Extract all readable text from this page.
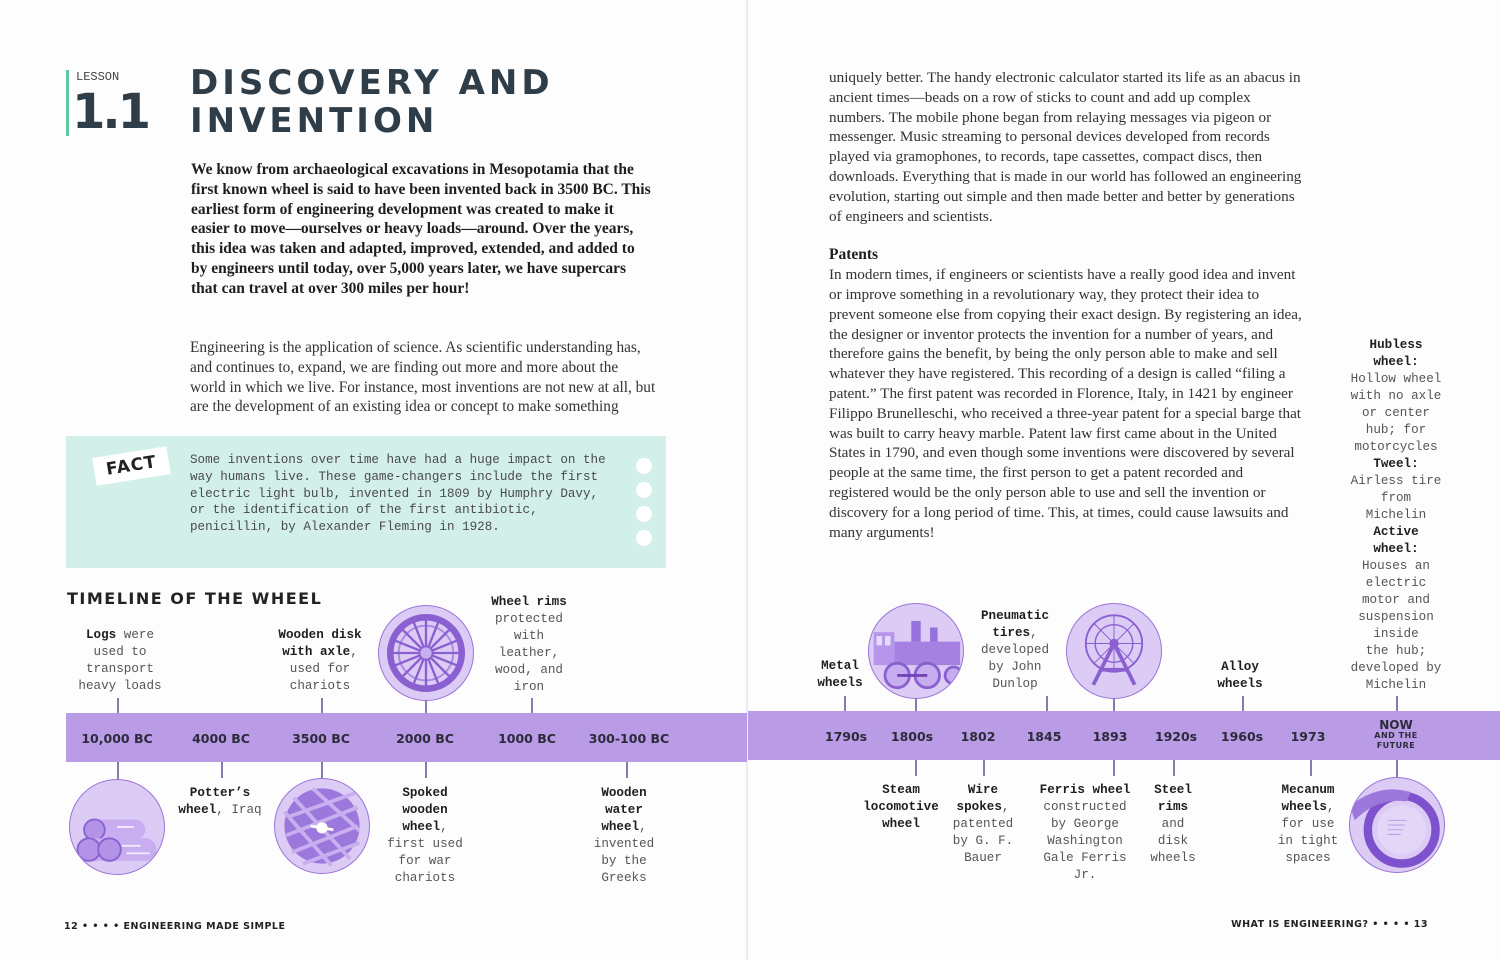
LESSON
1.1
DISCOVERY AND
INVENTION
We know from archaeological excavations in Mesopotamia that the first known wheel is said to have been invented back in 3500 BC. This earliest form of engineering development was created to make it easier to move—ourselves or heavy loads—around. Over the years, this idea was taken and adapted, improved, extended, and added to by engineers until today, over 5,000 years later, we have supercars that can travel at over 300 miles per hour!
Engineering is the application of science. As scientific understanding has, and continues to, expand, we are finding out more and more about the world in which we live. For instance, most inventions are not new at all, but are the development of an existing idea or concept to make something
FACT	Some inventions over time have had a huge impact on the way humans live. These game-changers include the first electric light bulb, invented in 1809 by Humphry Davy, or the identification of the first antibiotic, penicillin, by Alexander Fleming in 1928.
TIMELINE OF THE WHEEL

uniquely better. The handy electronic calculator started its life as an abacus in ancient times—beads on a row of sticks to count and add up complex numbers. The mobile phone began from relaying messages via pigeon or messenger. Music streaming to personal devices developed from records played via gramophones, to records, tape cassettes, compact discs, then downloads. Everything that is made in our world has followed an engineering evolution, starting out simple and then made better and better by generations of engineers and scientists.

Patents

In modern times, if engineers or scientists have a really good idea and invent or improve something in a revolutionary way, they protect their idea to prevent someone else from copying their exact design. By registering an idea, the designer or inventor protects the invention for a number of years, and therefore gains the benefit, by being the only person able to make and sell whatever they have registered. This recording of a design is called “filing a patent.” The first patent was recorded in Florence, Italy, in 1421 by engineer Filippo Brunelleschi, who received a three-year patent for a special barge that was built to carry heavy marble. Patent law first came about in the United States in 1790, and even though some inventions were discovered by several people at the same time, the first person to get a patent recorded and registered would be the only person able to use and sell the invention or discovery for a long period of time. This, at times, could cause lawsuits and many arguments!

10,000 BC	4000 BC	3500 BC	2000 BC	1000 BC	300-100 BC	1790s 1800s 1802 1845 1893 1920s 1960s 1973
NOW
AND THE
FUTURE
Logs were
used to
transport
heavy loads
Wooden disk
with axle,
used for
chariots
Wheel rims
protected
with
leather,
wood, and
iron
Potter’s
wheel, Iraq
Spoked
wooden
wheel,
first used
for war
chariots
Wooden
water
wheel,
invented
by the
Greeks
Metal
wheels
Pneumatic
tires,
developed
by John
Dunlop
Alloy
wheels
Hubless
wheel:
Hollow wheel
with no axle
or center
hub; for
motorcycles
Tweel:
Airless tire
from
Michelin
Active
wheel:
Houses an
electric
motor and
suspension
inside
the hub;
developed by
Michelin
Steam
locomotive
wheel
Wire
spokes,
patented
by G. F.
Bauer
Ferris wheel
constructed
by George
Washington
Gale Ferris
Jr.
Steel
rims
and
disk
wheels
Mecanum
wheels,
for use
in tight
spaces
12 • • • • ENGINEERING MADE SIMPLE	WHAT IS ENGINEERING? • • • • 13
